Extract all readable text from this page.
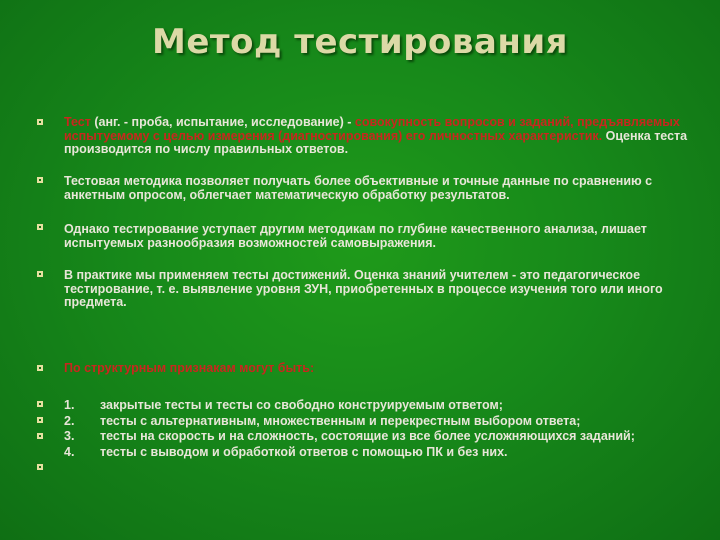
Метод тестирования
Тест (анг. - проба, испытание, исследование) - совокупность вопросов и заданий, предъявляемых испытуемому с целью измерения (диагностирования) его личностных характеристик. Оценка теста производится по числу правильных ответов.
Тестовая методика позволяет получать более объективные и точные данные по сравнению с анкетным опросом, облегчает математическую обработку результатов.
Однако тестирование уступает другим методикам по глубине качественного анализа, лишает испытуемых разнообразия возможностей самовыражения.
В практике мы применяем тесты достижений. Оценка знаний учителем - это педагогическое тестирование, т. е. выявление уровня ЗУН, приобретенных в процессе изучения того или иного предмета.
По структурным признакам могут быть:
1. закрытые тесты и тесты со свободно конструируемым ответом;
2. тесты с альтернативным, множественным и перекрестным выбором ответа;
3. тесты на скорость и на сложность, состоящие из все более усложняющихся заданий;
4. тесты с выводом и обработкой ответов с помощью ПК и без них.
